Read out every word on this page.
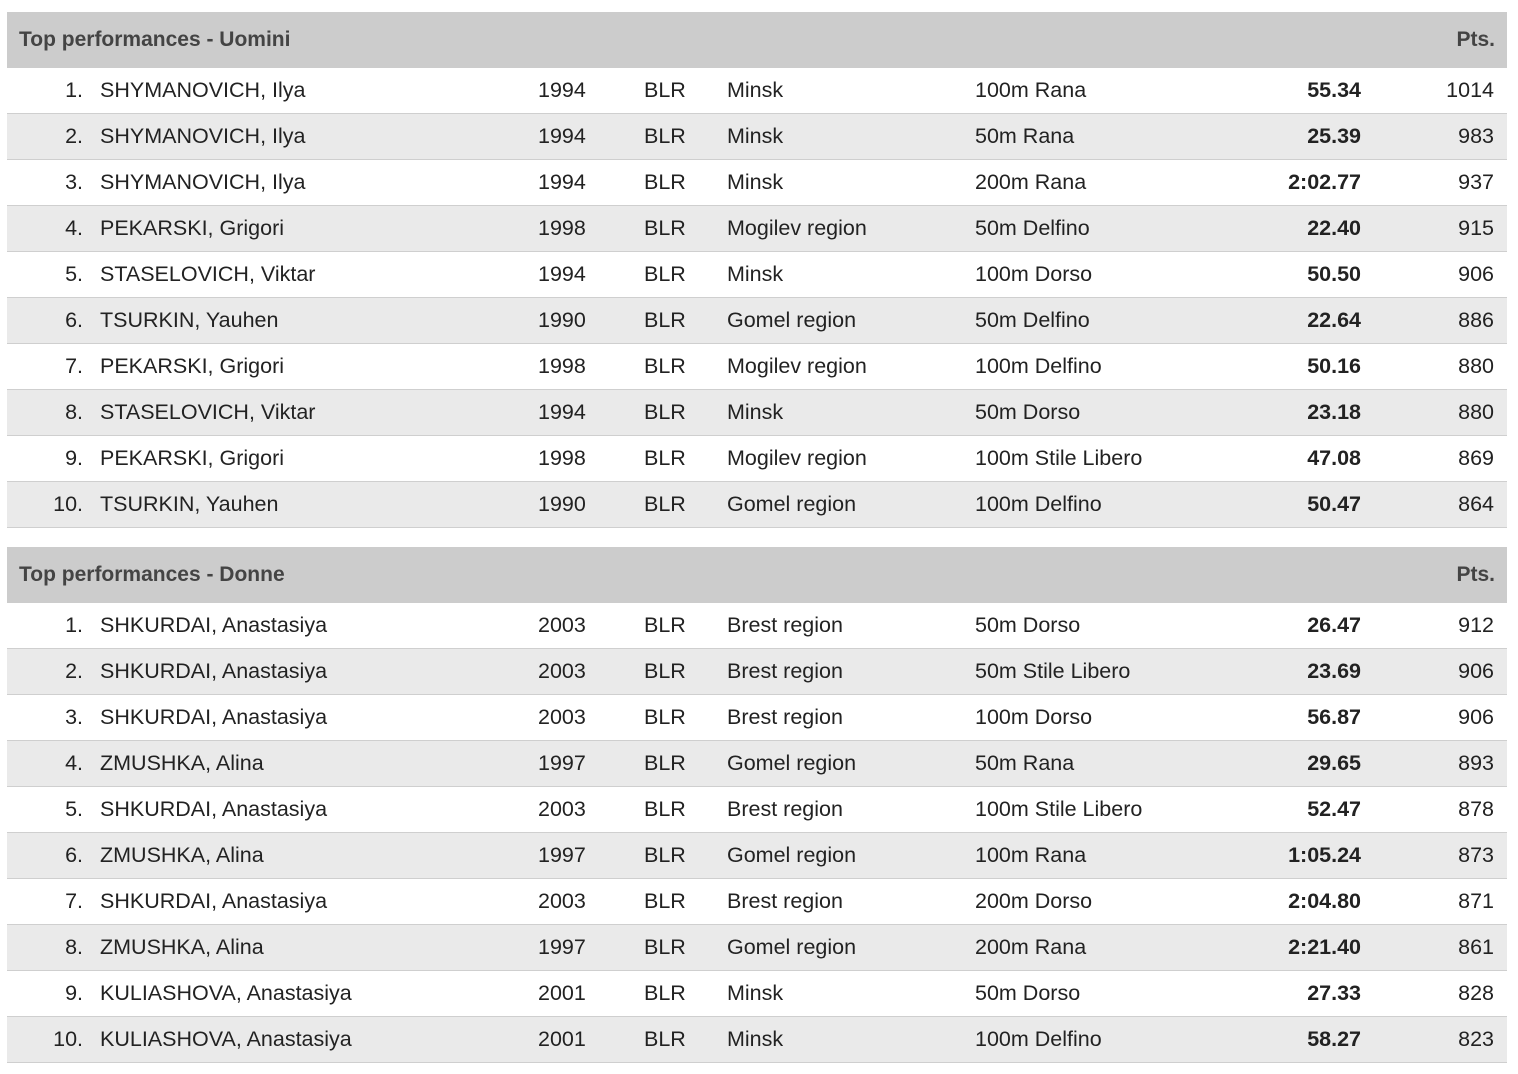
Top performances - Uomini	Pts.
1. SHYMANOVICH, Ilya	1994	BLR Minsk	100m Rana	55.34	1014
2. SHYMANOVICH, Ilya	1994	BLR Minsk	50m Rana	25.39	983
3. SHYMANOVICH, Ilya	1994	BLR Minsk	200m Rana	2:02.77	937
4. PEKARSKI, Grigori	1998	BLR Mogilev region	50m Delfino	22.40	915
5. STASELOVICH, Viktar	1994	BLR Minsk	100m Dorso	50.50	906
6. TSURKIN, Yauhen	1990	BLR Gomel region	50m Delfino	22.64	886
7. PEKARSKI, Grigori	1998	BLR Mogilev region	100m Delfino	50.16	880
8. STASELOVICH, Viktar	1994	BLR Minsk	50m Dorso	23.18	880
9. PEKARSKI, Grigori	1998	BLR Mogilev region	100m Stile Libero	47.08	869
10. TSURKIN, Yauhen	1990	BLR Gomel region	100m Delfino	50.47	864
Top performances - Donne	Pts.
1. SHKURDAI, Anastasiya	2003	BLR Brest region	50m Dorso	26.47	912
2. SHKURDAI, Anastasiya	2003	BLR Brest region	50m Stile Libero	23.69	906
3. SHKURDAI, Anastasiya	2003	BLR Brest region	100m Dorso	56.87	906
4. ZMUSHKA, Alina	1997	BLR Gomel region	50m Rana	29.65	893
5. SHKURDAI, Anastasiya	2003	BLR Brest region	100m Stile Libero	52.47	878
6. ZMUSHKA, Alina	1997	BLR Gomel region	100m Rana	1:05.24	873
7. SHKURDAI, Anastasiya	2003	BLR Brest region	200m Dorso	2:04.80	871
8. ZMUSHKA, Alina	1997	BLR Gomel region	200m Rana	2:21.40	861
9. KULIASHOVA, Anastasiya	2001	BLR Minsk	50m Dorso	27.33	828
10. KULIASHOVA, Anastasiya	2001	BLR Minsk	100m Delfino	58.27	823
